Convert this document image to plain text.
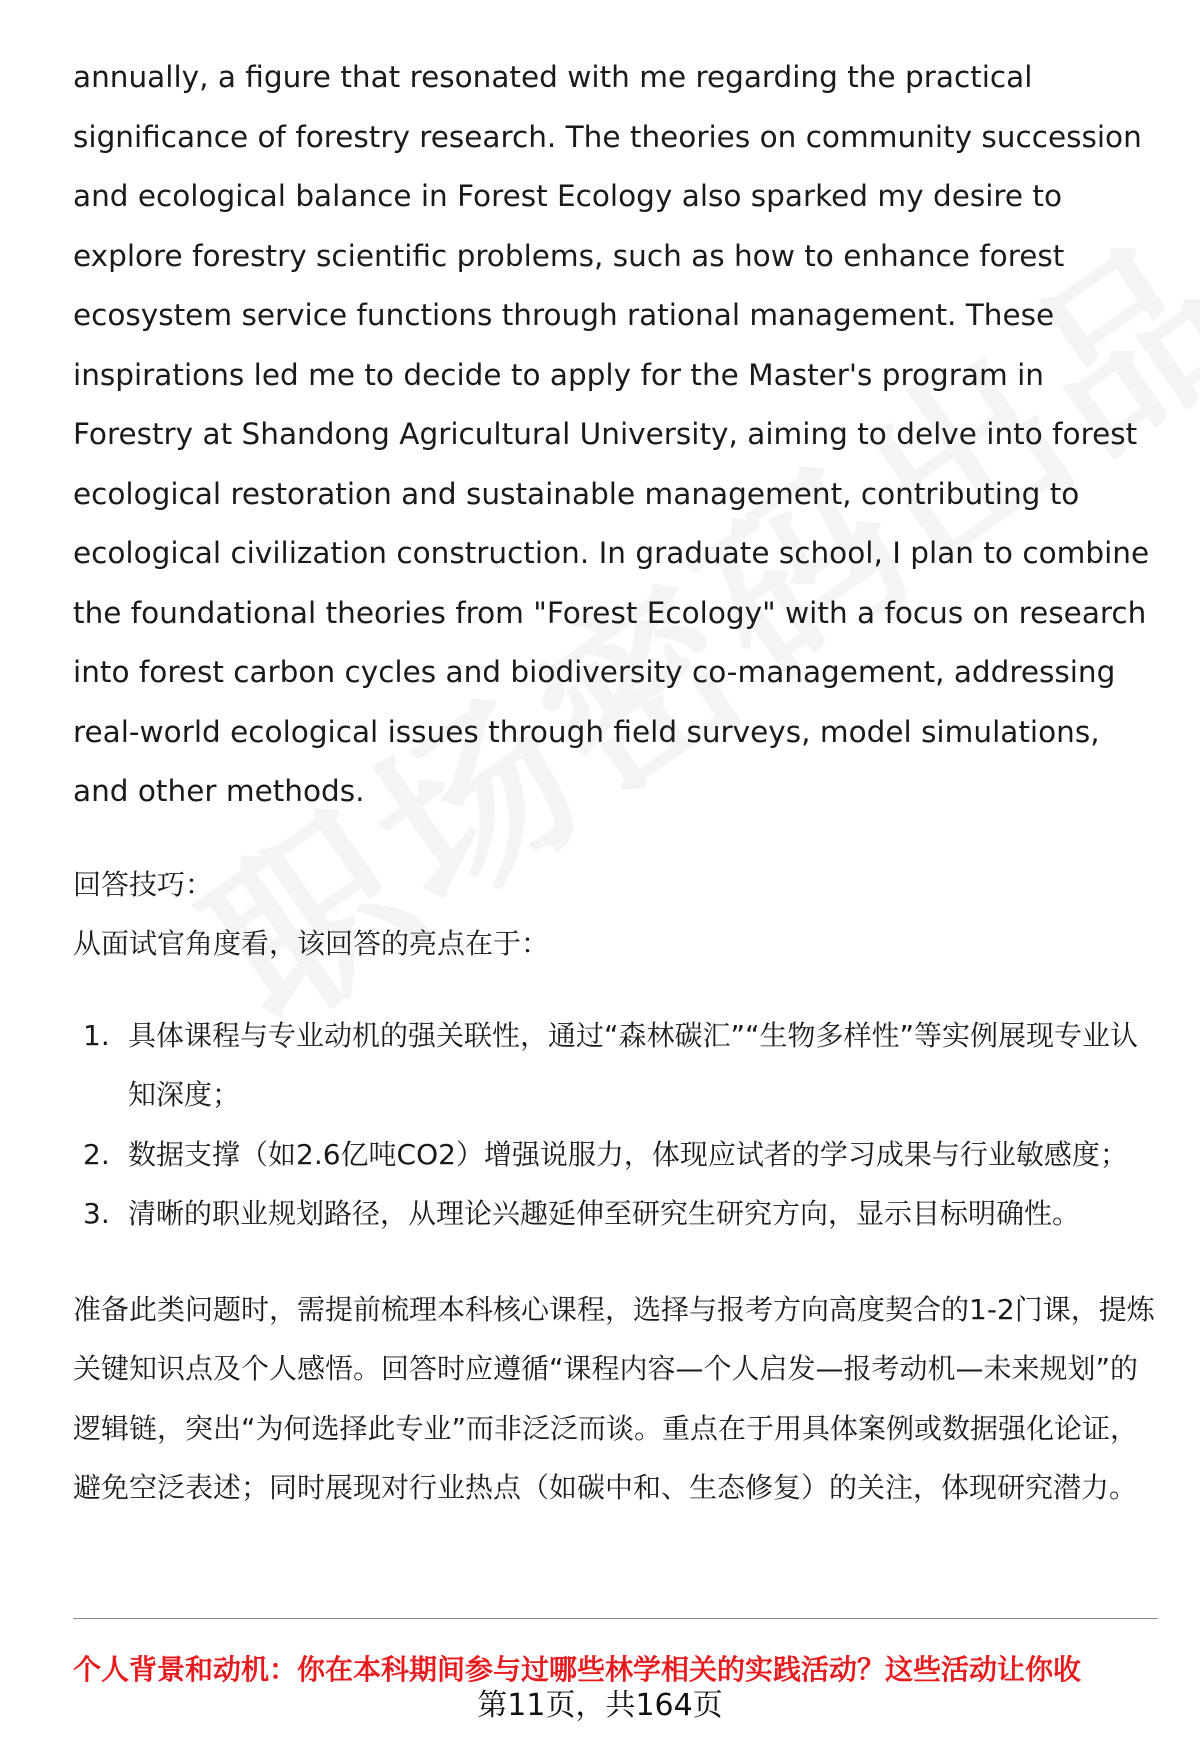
annually, a figure that resonated with me regarding the practical significance of forestry research. The theories on community succession and ecological balance in Forest Ecology also sparked my desire to explore forestry scientific problems, such as how to enhance forest ecosystem service functions through rational management. These inspirations led me to decide to apply for the Master's program in Forestry at Shandong Agricultural University, aiming to delve into forest ecological restoration and sustainable management, contributing to ecological civilization construction. In graduate school, I plan to combine the foundational theories from "Forest Ecology" with a focus on research into forest carbon cycles and biodiversity co-management, addressing real-world ecological issues through field surveys, model simulations, and other methods.

回答技巧：
从面试官角度看，该回答的亮点在于：
1. 具体课程与专业动机的强关联性，通过“森林碳汇”“生物多样性”等实例展现专业认知深度；
2. 数据支撑（如2.6亿吨CO2）增强说服力，体现应试者的学习成果与行业敏感度；
3. 清晰的职业规划路径，从理论兴趣延伸至研究生研究方向，显示目标明确性。
准备此类问题时，需提前梳理本科核心课程，选择与报考方向高度契合的1-2门课，提炼关键知识点及个人感悟。回答时应遵循“课程内容—个人启发—报考动机—未来规划”的逻辑链，突出“为何选择此专业”而非泛泛而谈。重点在于用具体案例或数据强化论证，避免空泛表述；同时展现对行业热点（如碳中和、生态修复）的关注，体现研究潜力。
个人背景和动机：你在本科期间参与过哪些林学相关的实践活动？这些活动让你收
第11页，共164页
